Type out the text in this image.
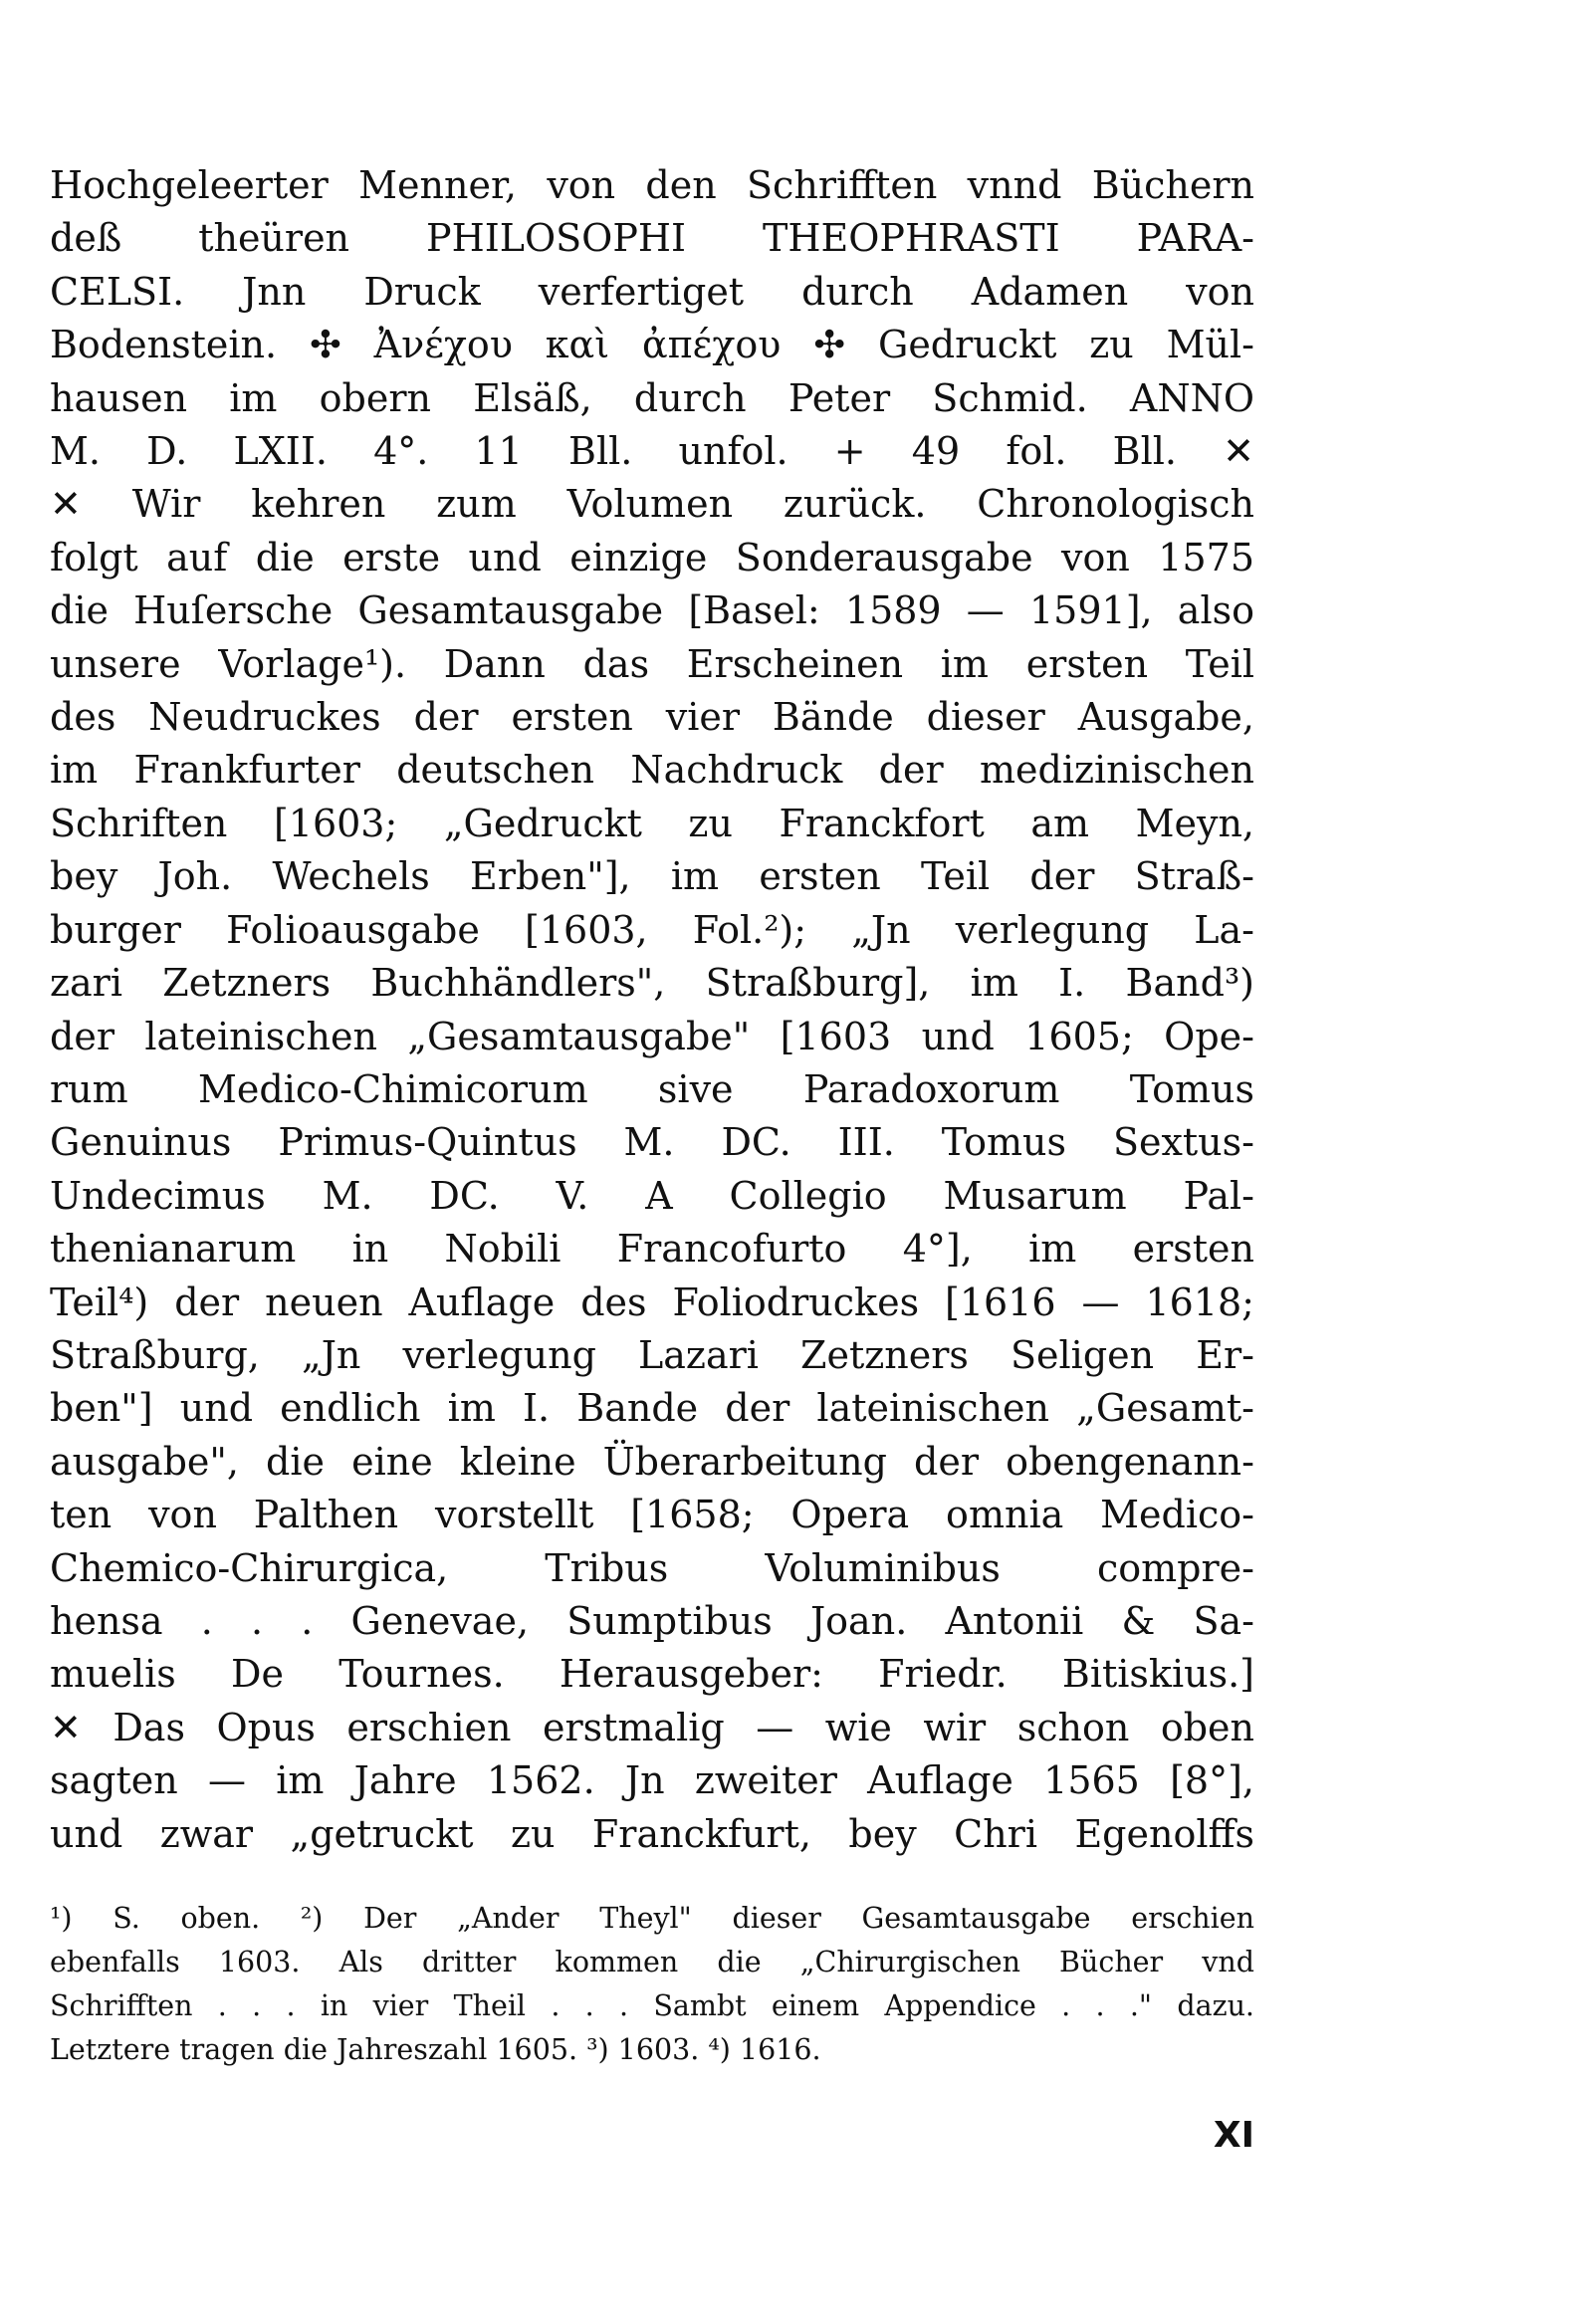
Hochgeleerter Menner, von den Schrifften vnnd Büchern
deß theüren PHILOSOPHI THEOPHRASTI PARA-
CELSI. Jnn Druck verfertiget durch Adamen von
Bodenstein. ✣ Ἀνέχου καὶ ἀπέχου ✣ Gedruckt zu Mül-
hausen im obern Elsäß, durch Peter Schmid. ANNO
M. D. LXII. 4°. 11 Bll. unfol. + 49 fol. Bll. ✕
✕ Wir kehren zum Volumen zurück. Chronologisch
folgt auf die erste und einzige Sonderausgabe von 1575
die Huſersche Gesamtausgabe [Basel: 1589 — 1591], also
unsere Vorlage¹). Dann das Erscheinen im ersten Teil
des Neudruckes der ersten vier Bände dieser Ausgabe,
im Frankfurter deutschen Nachdruck der medizinischen
Schriften [1603; „Gedruckt zu Franckfort am Meyn,
bey Joh. Wechels Erben"], im ersten Teil der Straß-
burger Folioausgabe [1603, Fol.²); „Jn verlegung La-
zari Zetzners Buchhändlers", Straßburg], im I. Band³)
der lateinischen „Gesamtausgabe" [1603 und 1605; Ope-
rum Medico-Chimicorum sive Paradoxorum Tomus
Genuinus Primus-Quintus M. DC. III. Tomus Sextus-
Undecimus M. DC. V. A Collegio Musarum Pal-
thenianarum in Nobili Francofurto 4°], im ersten
Teil⁴) der neuen Auflage des Foliodruckes [1616 — 1618;
Straßburg, „Jn verlegung Lazari Zetzners Seligen Er-
ben"] und endlich im I. Bande der lateinischen „Gesamt-
ausgabe", die eine kleine Überarbeitung der obengenann-
ten von Palthen vorstellt [1658; Opera omnia Medico-
Chemico-Chirurgica, Tribus Voluminibus compre-
hensa . . . Genevae, Sumptibus Joan. Antonii & Sa-
muelis De Tournes. Herausgeber: Friedr. Bitiskius.]
✕ Das Opus erschien erstmalig — wie wir schon oben
sagten — im Jahre 1562. Jn zweiter Auflage 1565 [8°],
und zwar „getruckt zu Franckfurt, bey Chri Egenolffs
¹) S. oben. ²) Der „Ander Theyl" dieser Gesamtausgabe erschien
ebenfalls 1603. Als dritter kommen die „Chirurgischen Bücher vnd
Schrifften . . . in vier Theil . . . Sambt einem Appendice . . ." dazu.
Letztere tragen die Jahreszahl 1605. ³) 1603. ⁴) 1616.
XI
